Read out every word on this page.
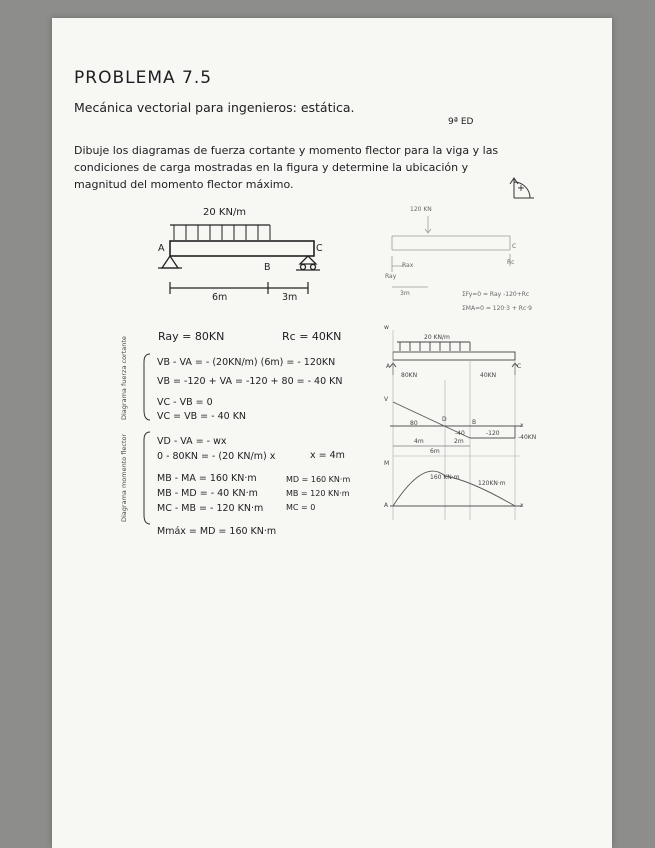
PROBLEMA 7.5
Mecánica vectorial para ingenieros: estática.
9ª ED
Dibuje los diagramas de fuerza cortante y momento flector para la viga y las condiciones de carga mostradas en la figura y determine la ubicación y magnitud del momento flector máximo.
20 KN/m
A
B
C
6m	3m
+
120 KN
C
Ray
Rax	Rc
3m	ΣFy=0 = Ray -120+Rc
ΣMA=0 = 120·3 + Rc·9
Ray = 80KN	Rc = 40KN
Diagrama fuerza cortante	VB - VA = - (20KN/m) (6m) = - 120KN
VB = -120 + VA = -120 + 80 = - 40 KN
VC - VB = 0
VC = VB = - 40 KN
Diagrama momento flector	VD - VA = - wx
0 - 80KN = - (20 KN/m) x	x = 4m
MB - MA = 160 KN·m
MB - MD = - 40 KN·m
MC - MB = - 120 KN·m
MD = 160 KN·m
MB = 120 KN·m
MC = 0
Mmáx = MD = 160 KN·m
w
20 KN/m
A	C
80KN	40KN
V
80
D	B
-40	-120
-40KN
x
4m	2m
6m
M
160 KN·m
120KN·m
A	x
